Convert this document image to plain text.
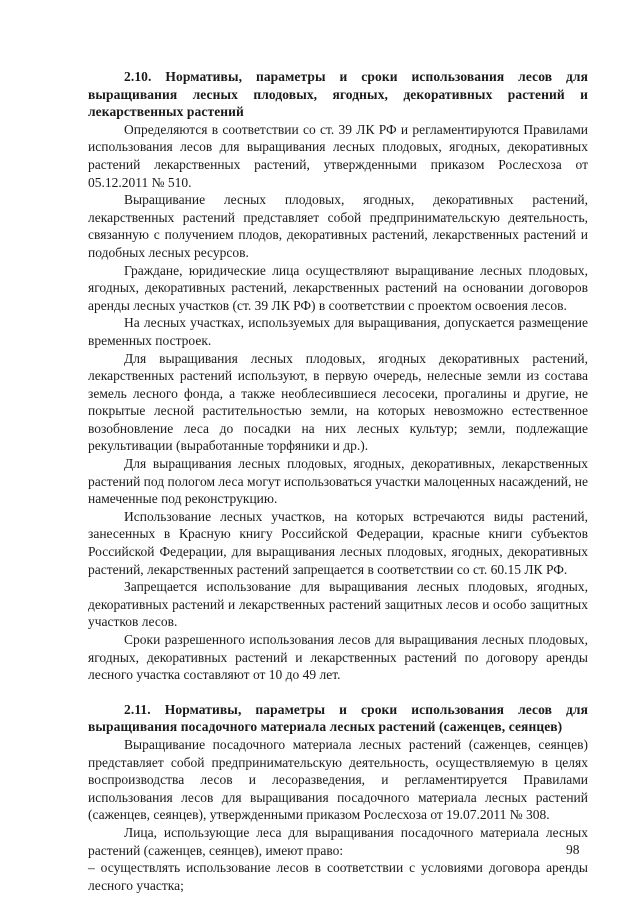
2.10. Нормативы, параметры и сроки использования лесов для выращивания лесных плодовых, ягодных, декоративных растений и лекарственных растений

Определяются в соответствии со ст. 39 ЛК РФ и регламентируются Правилами использования лесов для выращивания лесных плодовых, ягодных, декоративных растений лекарственных растений, утвержденными приказом Рослесхоза от 05.12.2011 № 510.

Выращивание лесных плодовых, ягодных, декоративных растений, лекарственных растений представляет собой предпринимательскую деятельность, связанную с получением плодов, декоративных растений, лекарственных растений и подобных лесных ресурсов.

Граждане, юридические лица осуществляют выращивание лесных плодовых, ягодных, декоративных растений, лекарственных растений на основании договоров аренды лесных участков (ст. 39 ЛК РФ) в соответствии с проектом освоения лесов.

На лесных участках, используемых для выращивания, допускается размещение временных построек.

Для выращивания лесных плодовых, ягодных декоративных растений, лекарственных растений используют, в первую очередь, нелесные земли из состава земель лесного фонда, а также необлесившиеся лесосеки, прогалины и другие, не покрытые лесной растительностью земли, на которых невозможно естественное возобновление леса до посадки на них лесных культур; земли, подлежащие рекультивации (выработанные торфяники и др.).

Для выращивания лесных плодовых, ягодных, декоративных, лекарственных растений под пологом леса могут использоваться участки малоценных насаждений, не намеченные под реконструкцию.

Использование лесных участков, на которых встречаются виды растений, занесенных в Красную книгу Российской Федерации, красные книги субъектов Российской Федерации, для выращивания лесных плодовых, ягодных, декоративных растений, лекарственных растений запрещается в соответствии со ст. 60.15 ЛК РФ.

Запрещается использование для выращивания лесных плодовых, ягодных, декоративных растений и лекарственных растений защитных лесов и особо защитных участков лесов.

Сроки разрешенного использования лесов для выращивания лесных плодовых, ягодных, декоративных растений и лекарственных растений по договору аренды лесного участка составляют от 10 до 49 лет.

2.11. Нормативы, параметры и сроки использования лесов для выращивания посадочного материала лесных растений (саженцев, сеянцев)

Выращивание посадочного материала лесных растений (саженцев, сеянцев) представляет собой предпринимательскую деятельность, осуществляемую в целях воспроизводства лесов и лесоразведения, и регламентируется Правилами использования лесов для выращивания посадочного материала лесных растений (саженцев, сеянцев), утвержденными приказом Рослесхоза от 19.07.2011 № 308.

Лица, использующие леса для выращивания посадочного материала лесных растений (саженцев, сеянцев), имеют право:

– осуществлять использование лесов в соответствии с условиями договора аренды лесного участка;

98
